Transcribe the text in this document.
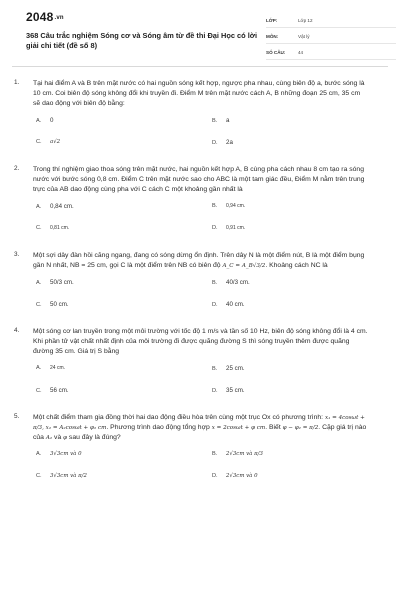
2048.vn
368 Câu trắc nghiệm Sóng cơ và Sóng âm từ đề thi Đại Học có lời giải chi tiết (đề số 8)
LỚP:	Lớp 12
MÔN:	Vật lý
SỐ CÂU:	44
1.	Tại hai điểm A và B trên mặt nước có hai nguồn sóng kết hợp, ngược pha nhau, cùng biên độ a, bước sóng là 10 cm. Coi biên độ sóng không đổi khi truyền đi. Điểm M trên mặt nước cách A, B những đoạn 25 cm, 35 cm sẽ dao động với biên độ bằng:
A.	0	B.	a
C.	a√2	D.	2a
2.	Trong thí nghiệm giao thoa sóng trên mặt nước, hai nguồn kết hợp A, B cùng pha cách nhau 8 cm tạo ra sóng nước với bước sóng 0,8 cm. Điểm C trên mặt nước sao cho ABC là một tam giác đều, Điểm M nằm trên trung trực của AB dao động cùng pha với C cách C một khoảng gần nhất là
A.	0,84 cm.	B.	0,94 cm.
C.	0,81 cm.	D.	0,91 cm.
3.	Một sợi dây đàn hồi căng ngang, đang có sóng dừng ổn định. Trên dây N là một điểm nút, B là một điểm bụng gần N nhất, NB = 25 cm, gọi C là một điểm trên NB có biên độ A_C = A_B√3/2. Khoảng cách NC là
A.	50/3 cm.	B.	40/3 cm.
C.	50 cm.	D.	40 cm.
4.	Một sóng cơ lan truyền trong một môi trường với tốc độ 1 m/s và tần số 10 Hz, biên độ sóng không đổi là 4 cm. Khi phần tử vật chất nhất định của môi trường đi được quãng đường S thì sóng truyền thêm được quãng đường 35 cm. Giá trị S bằng
A.	24 cm.	B.	25 cm.
C.	56 cm.	D.	35 cm.
5.	Một chất điểm tham gia đồng thời hai dao động điều hòa trên cùng một trục Ox có phương trình: x₁ = 4cosωt + π/3, x₂ = A₂cosωt + φ₂ cm. Phương trình dao động tổng hợp x = 2cosωt + φ cm. Biết φ − φ₂ = π/2. Cặp giá trị nào của A₂ và φ sau đây là đúng?
A.	3√3cm và 0	B.	2√3cm và π/3
C.	3√3cm và π/2	D.	2√3cm và 0
